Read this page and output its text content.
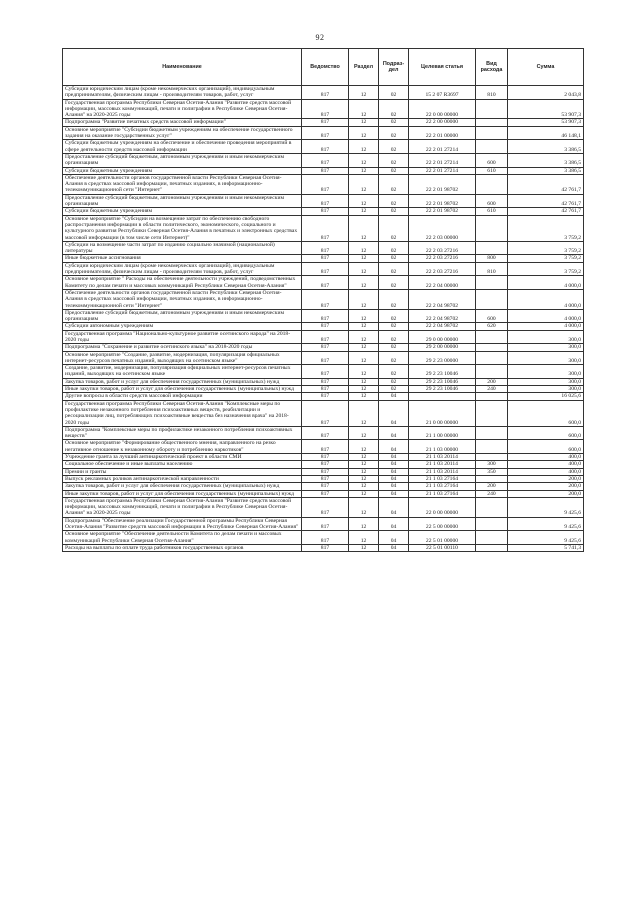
92
Наименование	Ведомство	Раздел	Подраз-дел	Целевая статья	Вид расхода	Сумма
Субсидии юридическим лицам (кроме некоммерческих организаций), индивидуальным предпринимателям, физическим лицам - производителям товаров, работ, услуг	817	12	02	15 2 07 R3697	810	2 043,8
Государственная программа Республики Северная Осетия-Алания "Развитие средств массовой информации, массовых коммуникаций, печати и полиграфии в Республике Северная Осетия-Алания" на 2020-2025 годы	817	12	02	22 0 00 00000		53 907,3
Подпрограмма "Развитие печатных средств массовой информации"	817	12	02	22 2 00 00000		53 907,3
Основное мероприятие "Субсидии бюджетным учреждениям на обеспечение государственного задания на оказание государственных услуг"	817	12	02	22 2 01 00000		46 148,1
Субсидии бюджетным учреждениям на обеспечение и обеспечение проведения мероприятий в сфере деятельности средств массовой информации	817	12	02	22 2 01 27214		3 386,5
Предоставление субсидий бюджетным, автономным учреждениям и иным некоммерческим организациям	817	12	02	22 2 01 27214	600	3 386,5
Субсидии бюджетным учреждениям	817	12	02	22 2 01 27214	610	3 386,5
Обеспечение деятельности органов государственной власти Республики Северная Осетия-Алания в средствах массовой информации, печатных изданиях, в информационно-телекоммуникационной сети "Интернет"	817	12	02	22 2 01 98702		42 761,7
Предоставление субсидий бюджетным, автономным учреждениям и иным некоммерческим организациям	817	12	02	22 2 01 98702	600	42 761,7
Субсидии бюджетным учреждениям	817	12	02	22 2 01 98702	610	42 761,7
Основное мероприятие "Субсидии на возмещение затрат по обеспечению свободного распространения информации в области политического, экономического, социального и культурного развития Республики Северная Осетия-Алания в печатных и электронных средствах массовой информации (в том числе сети Интернет)"	817	12	02	22 2 03 00000		3 759,2
Субсидии на возмещение части затрат по изданию социально значимой (национальной) литературы	817	12	02	22 2 03 27216		3 759,2
Иные бюджетные ассигнования	817	12	02	22 2 03 27216	800	3 759,2
Субсидии юридическим лицам (кроме некоммерческих организаций), индивидуальным предпринимателям, физическим лицам - производителям товаров, работ, услуг	817	12	02	22 2 03 27216	810	3 759,2
Основное мероприятие " Расходы на обеспечение деятельности учреждений, подведомственных Комитету по делам печати и массовых коммуникаций Республики Северная Осетия-Алания"	817	12	02	22 2 04 00000		4 000,0
Обеспечение деятельности органов государственной власти Республики Северная Осетия-Алания в средствах массовой информации, печатных изданиях, в информационно-телекоммуникационной сети "Интернет"	817	12	02	22 2 04 98702		4 000,0
Предоставление субсидий бюджетным, автономным учреждениям и иным некоммерческим организациям	817	12	02	22 2 04 98702	600	4 000,0
Субсидии автономным учреждениям	817	12	02	22 2 04 98702	620	4 000,0
Государственная программа "Национально-культурное развитие осетинского народа" на 2018-2020 годы	817	12	02	29 0 00 00000		300,0
Подпрограмма "Сохранение и развитие осетинского языка" на 2018-2020 годы	817	12	02	29 2 00 00000		300,0
Основное мероприятие "Создание, развитие, модернизация, популяризация официальных интернет-ресурсов печатных изданий, выходящих на осетинском языке"	817	12	02	29 2 23 00000		300,0
Создание, развитие, модернизация, популяризация официальных интернет-ресурсов печатных изданий, выходящих на осетинском языке	817	12	02	29 2 23 10046		300,0
Закупка товаров, работ и услуг для обеспечения государственных (муниципальных) нужд	817	12	02	29 2 23 10046	200	300,0
Иные закупки товаров, работ и услуг для обеспечения государственных (муниципальных) нужд	817	12	02	29 2 23 10046	240	300,0
Другие вопросы в области средств массовой информации	817	12	04			16 025,6
Государственная программа Республики Северная Осетия-Алания "Комплексные меры по профилактике незаконного потребления психоактивных веществ, реабилитации и ресоциализации лиц, потребляющих психоактивные вещества без назначения врача" на 2018-2020 годы	817	12	04	21 0 00 00000		600,0
Подпрограмма "Комплексные меры по профилактике незаконного потребления психоактивных веществ"	817	12	04	21 1 00 00000		600,0
Основное мероприятие "Формирование общественного мнения, направленного на резко негативное отношение к незаконному обороту и потреблению наркотиков"	817	12	04	21 1 03 00000		600,0
Учреждение гранта за лучший антинаркотический проект в области СМИ	817	12	04	21 1 03 20114		400,0
Социальное обеспечение и иные выплаты населению	817	12	04	21 1 03 20114	300	400,0
Премии и гранты	817	12	04	21 1 03 20114	350	400,0
Выпуск рекламных роликов антинаркотической направленности	817	12	04	21 1 03 27164		200,0
Закупка товаров, работ и услуг для обеспечения государственных (муниципальных) нужд	817	12	04	21 1 03 27164	200	200,0
Иные закупки товаров, работ и услуг для обеспечения государственных (муниципальных) нужд	817	12	04	21 1 03 27164	240	200,0
Государственная программа Республики Северная Осетия-Алания "Развитие средств массовой информации, массовых коммуникаций, печати и полиграфии в Республике Северная Осетия-Алания" на 2020-2025 годы	817	12	04	22 0 00 00000		9 425,6
Подпрограмма "Обеспечение реализации Государственной программы Республики Северная Осетия-Алания "Развитие средств массовой информации в Республике Северная Осетия-Алания"	817	12	04	22 5 00 00000		9 425,6
Основное мероприятие "Обеспечение деятельности Комитета по делам печати и массовых коммуникаций Республики Северная Осетия-Алания"	817	12	04	22 5 01 00000		9 425,6
Расходы на выплаты по оплате труда работников государственных органов	817	12	04	22 5 01 00110		5 741,3
